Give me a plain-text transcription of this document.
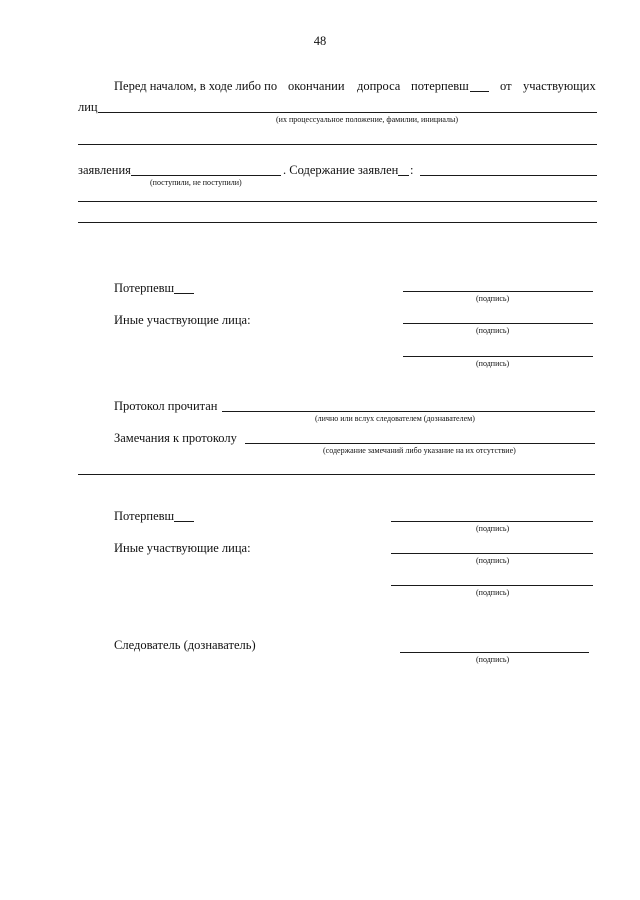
48
Перед началом, в ходе либо по окончании допроса потерпевш от участвующих
лиц
(их процессуальное положение, фамилии, инициалы)
заявления	. Содержание заявлен :
(поступили, не поступили)
Потерпевш
(подпись)
Иные участвующие лица:
(подпись)
(подпись)
Протокол прочитан
(лично или вслух следователем (дознавателем)
Замечания к протоколу
(содержание замечаний либо указание на их отсутствие)
Потерпевш
(подпись)
Иные участвующие лица:
(подпись)
(подпись)
Следователь (дознаватель)
(подпись)
